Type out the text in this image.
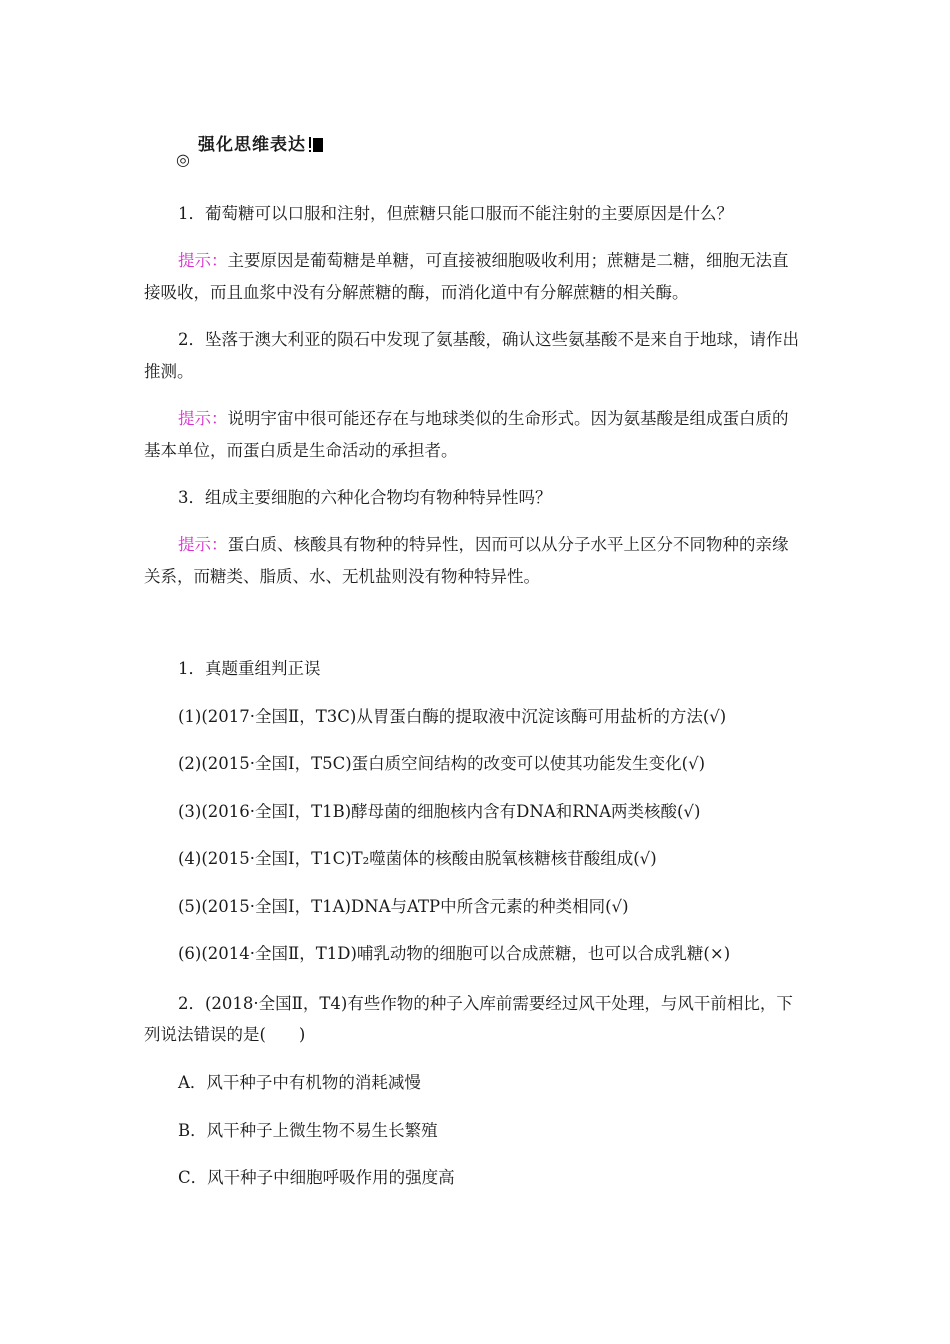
◎
强化思维表达
1．葡萄糖可以口服和注射，但蔗糖只能口服而不能注射的主要原因是什么？
提示：主要原因是葡萄糖是单糖，可直接被细胞吸收利用；蔗糖是二糖，细胞无法直
接吸收，而且血浆中没有分解蔗糖的酶，而消化道中有分解蔗糖的相关酶。
2．坠落于澳大利亚的陨石中发现了氨基酸，确认这些氨基酸不是来自于地球，请作出
推测。
提示：说明宇宙中很可能还存在与地球类似的生命形式。因为氨基酸是组成蛋白质的
基本单位，而蛋白质是生命活动的承担者。
3．组成主要细胞的六种化合物均有物种特异性吗？
提示：蛋白质、核酸具有物种的特异性，因而可以从分子水平上区分不同物种的亲缘
关系，而糖类、脂质、水、无机盐则没有物种特异性。
1．真题重组判正误
(1)(2017·全国Ⅱ，T3C)从胃蛋白酶的提取液中沉淀该酶可用盐析的方法(√)
(2)(2015·全国Ⅰ，T5C)蛋白质空间结构的改变可以使其功能发生变化(√)
(3)(2016·全国Ⅰ，T1B)酵母菌的细胞核内含有DNA和RNA两类核酸(√)
(4)(2015·全国Ⅰ，T1C)T₂噬菌体的核酸由脱氧核糖核苷酸组成(√)
(5)(2015·全国Ⅰ，T1A)DNA与ATP中所含元素的种类相同(√)
(6)(2014·全国Ⅱ，T1D)哺乳动物的细胞可以合成蔗糖，也可以合成乳糖(×)
2．(2018·全国Ⅱ，T4)有些作物的种子入库前需要经过风干处理，与风干前相比，下
列说法错误的是(　　)
A．风干种子中有机物的消耗减慢
B．风干种子上微生物不易生长繁殖
C．风干种子中细胞呼吸作用的强度高
